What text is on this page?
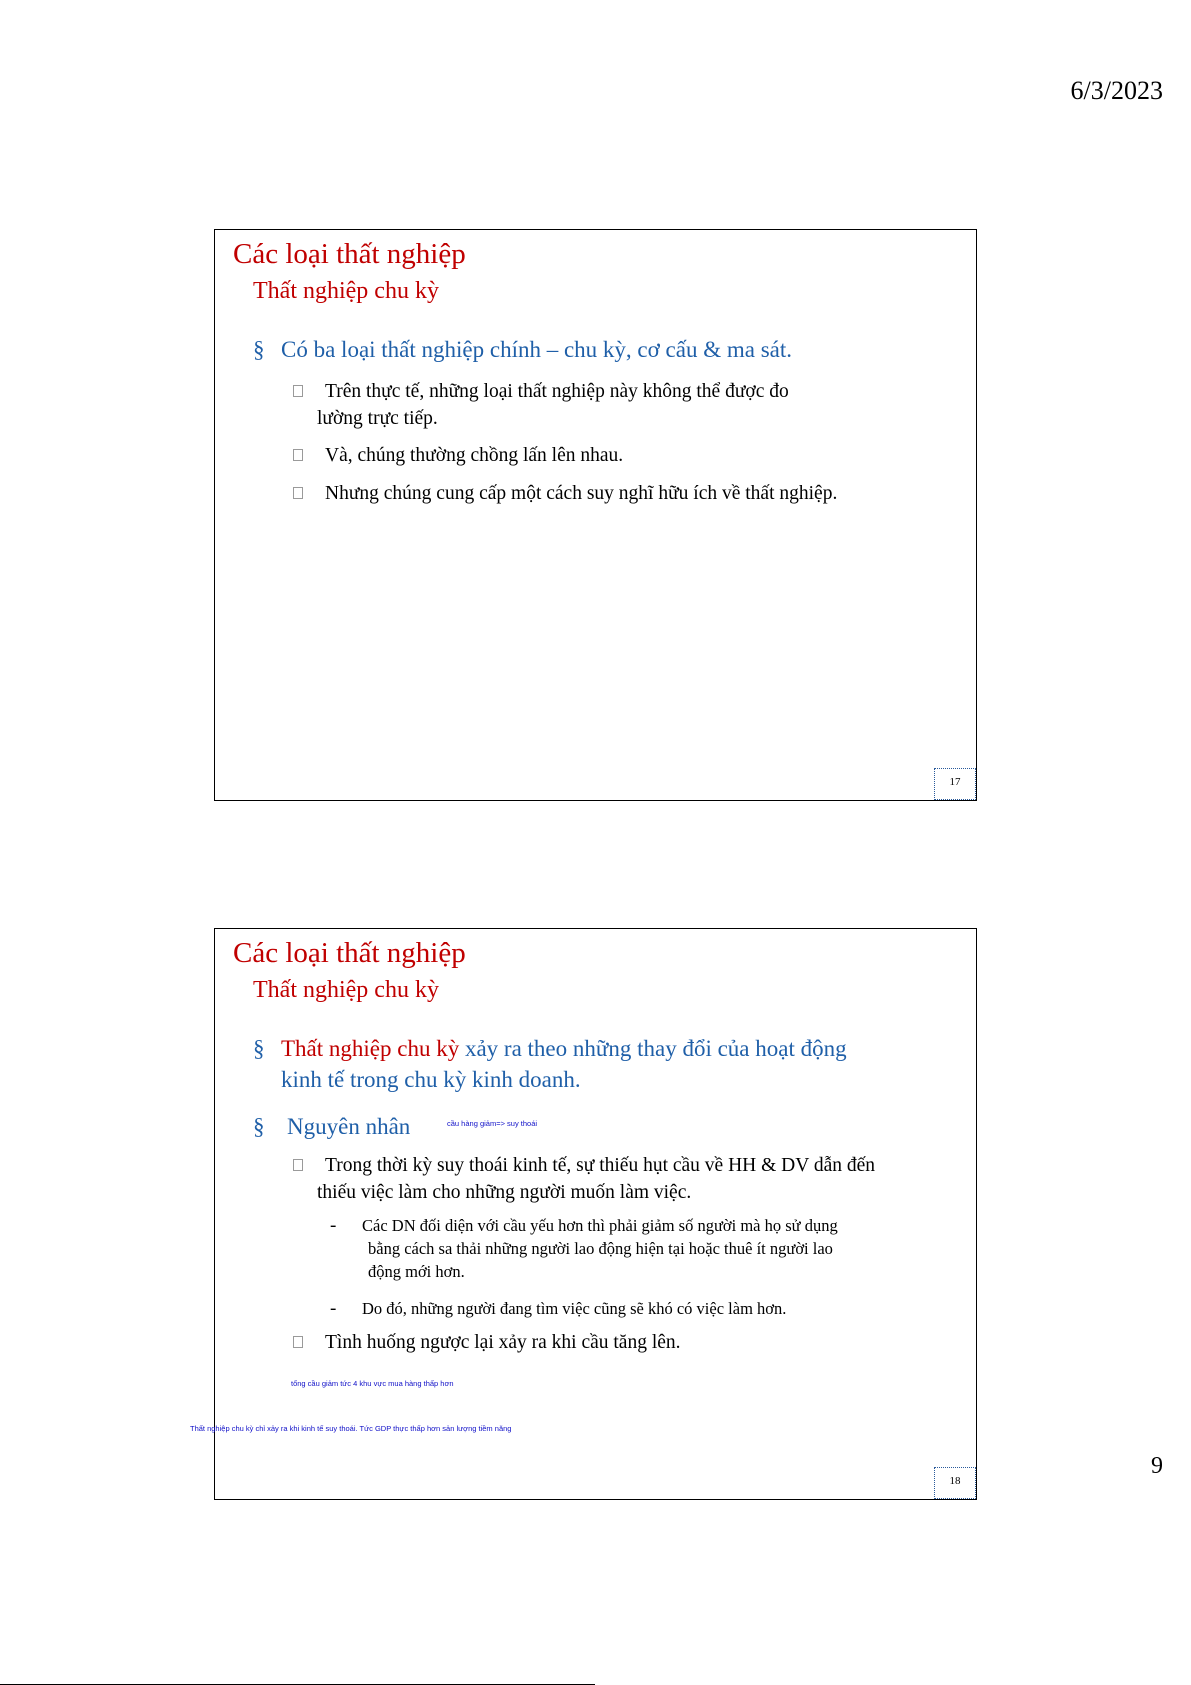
6/3/2023
Các loại thất nghiệp
Thất nghiệp chu kỳ
§ Có ba loại thất nghiệp chính – chu kỳ, cơ cấu & ma sát.
Trên thực tế, những loại thất nghiệp này không thể được đo lường trực tiếp.
Và, chúng thường chồng lấn lên nhau.
Nhưng chúng cung cấp một cách suy nghĩ hữu ích về thất nghiệp.
17
Các loại thất nghiệp
Thất nghiệp chu kỳ
§ Thất nghiệp chu kỳ xảy ra theo những thay đổi của hoạt động kinh tế trong chu kỳ kinh doanh.
§ Nguyên nhân	cầu hàng giảm=> suy thoái
Trong thời kỳ suy thoái kinh tế, sự thiếu hụt cầu về HH & DV dẫn đến thiếu việc làm cho những người muốn làm việc.
-	Các DN đối diện với cầu yếu hơn thì phải giảm số người mà họ sử dụng bằng cách sa thải những người lao động hiện tại hoặc thuê ít người lao động mới hơn.
-	Do đó, những người đang tìm việc cũng sẽ khó có việc làm hơn.
Tình huống ngược lại xảy ra khi cầu tăng lên.
tổng cầu giảm tức 4 khu vực mua hàng thấp hơn
18
Thất nghiệp chu kỳ chỉ xảy ra khi kinh tế suy thoái. Tức GDP thực thấp hơn sản lượng tiềm năng
9
